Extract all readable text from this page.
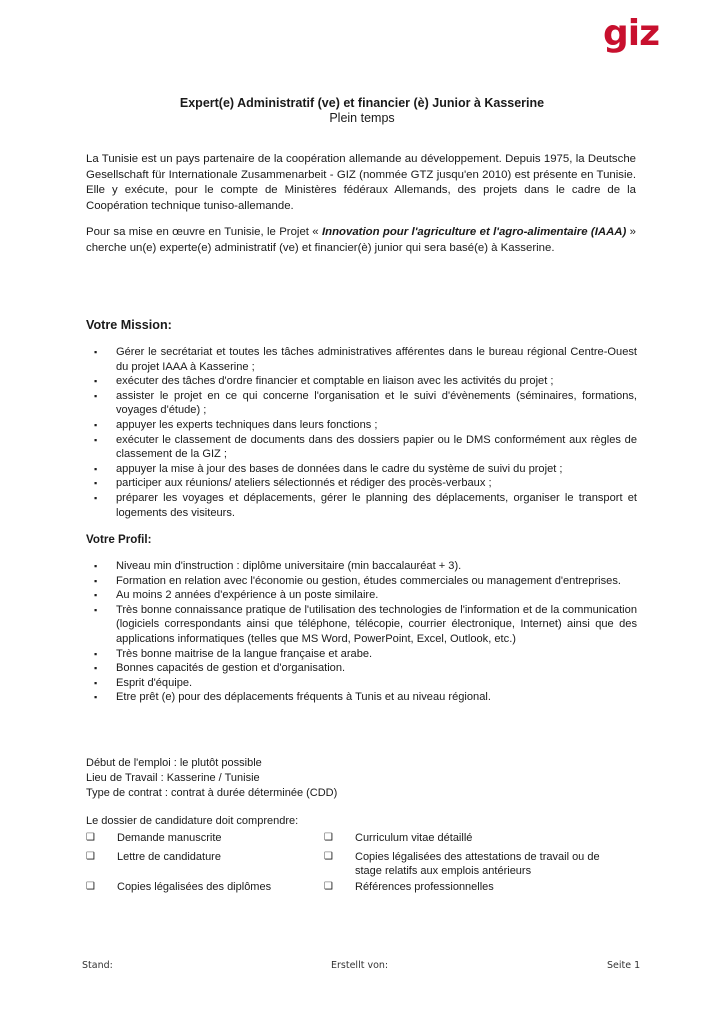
giz
Expert(e) Administratif (ve) et financier (è) Junior à Kasserine
Plein temps

La Tunisie est un pays partenaire de la coopération allemande au développement. Depuis 1975, la Deutsche Gesellschaft für Internationale Zusammenarbeit - GIZ (nommée GTZ jusqu'en 2010) est présente en Tunisie. Elle y exécute, pour le compte de Ministères fédéraux Allemands, des projets dans le cadre de la Coopération technique tuniso-allemande.

Pour sa mise en œuvre en Tunisie, le Projet « Innovation pour l'agriculture et l'agro-alimentaire (IAAA) » cherche un(e) experte(e) administratif (ve) et financier(è) junior qui sera basé(e) à Kasserine.

Votre Mission:
▪ Gérer le secrétariat et toutes les tâches administratives afférentes dans le bureau régional Centre-Ouest du projet IAAA à Kasserine ;
▪ exécuter des tâches d'ordre financier et comptable en liaison avec les activités du projet ;
▪ assister le projet en ce qui concerne l'organisation et le suivi d'évènements (séminaires, formations, voyages d'étude) ;
▪ appuyer les experts techniques dans leurs fonctions ;
▪ exécuter le classement de documents dans des dossiers papier ou le DMS conformément aux règles de classement de la GIZ ;
▪ appuyer la mise à jour des bases de données dans le cadre du système de suivi du projet ;
▪ participer aux réunions/ ateliers sélectionnés et rédiger des procès-verbaux ;
▪ préparer les voyages et déplacements, gérer le planning des déplacements, organiser le transport et logements des visiteurs.
Votre Profil:
▪ Niveau min d'instruction : diplôme universitaire (min baccalauréat + 3).
▪ Formation en relation avec l'économie ou gestion, études commerciales ou management d'entreprises.
▪ Au moins 2 années d'expérience à un poste similaire.
▪ Très bonne connaissance pratique de l'utilisation des technologies de l'information et de la communication (logiciels correspondants ainsi que téléphone, télécopie, courrier électronique, Internet) ainsi que des applications informatiques (telles que MS Word, PowerPoint, Excel, Outlook, etc.)
▪ Très bonne maitrise de la langue française et arabe.
▪ Bonnes capacités de gestion et d'organisation.
▪ Esprit d'équipe.
▪ Etre prêt (e) pour des déplacements fréquents à Tunis et au niveau régional.
Début de l'emploi : le plutôt possible
Lieu de Travail : Kasserine / Tunisie
Type de contrat : contrat à durée déterminée (CDD)
Le dossier de candidature doit comprendre:
❑ Demande manuscrite
❑ Lettre de candidature
❑ Copies légalisées des diplômes
❑ Curriculum vitae détaillé
❑ Copies légalisées des attestations de travail ou de
stage relatifs aux emplois antérieurs
❑ Références professionnelles
Stand:	Erstellt von:	Seite 1
